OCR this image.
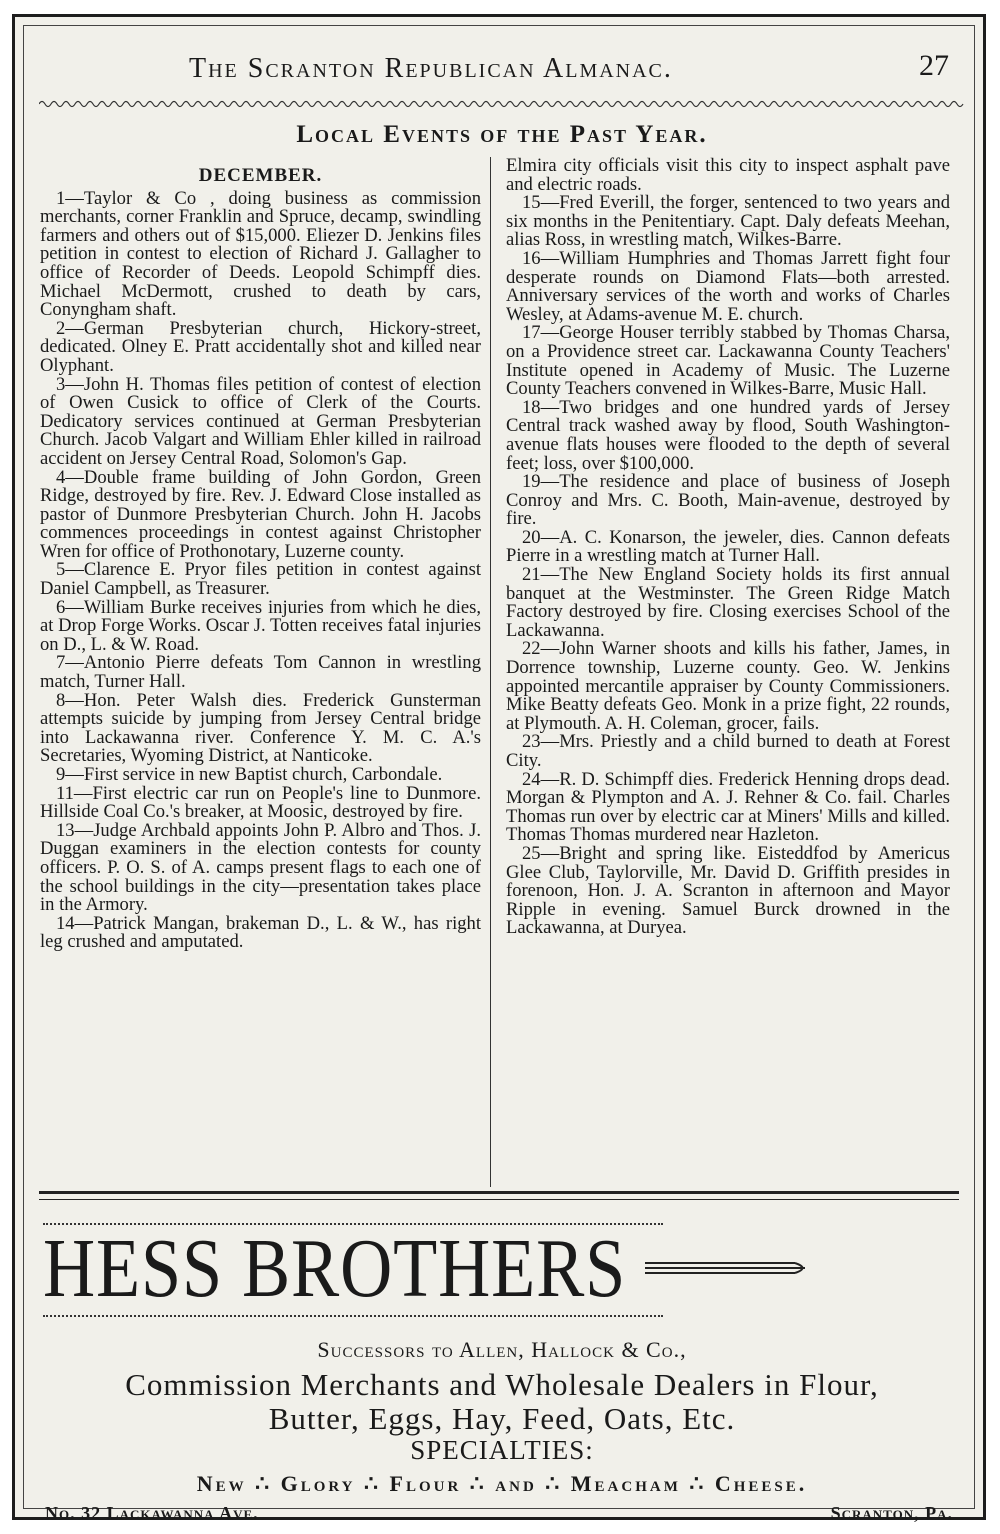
The Scranton Republican Almanac.	27
Local Events of the Past Year.
DECEMBER.

1—Taylor & Co , doing business as commission merchants, corner Franklin and Spruce, decamp, swindling farmers and others out of $15,000. Eliezer D. Jenkins files petition in contest to election of Richard J. Gallagher to office of Recorder of Deeds. Leopold Schimpff dies. Michael McDermott, crushed to death by cars, Conyngham shaft.

2—German Presbyterian church, Hickory-street, dedicated. Olney E. Pratt accidentally shot and killed near Olyphant.

3—John H. Thomas files petition of contest of election of Owen Cusick to office of Clerk of the Courts. Dedicatory services continued at German Presbyterian Church. Jacob Valgart and William Ehler killed in railroad accident on Jersey Central Road, Solomon's Gap.

4—Double frame building of John Gordon, Green Ridge, destroyed by fire. Rev. J. Edward Close installed as pastor of Dunmore Presbyterian Church. John H. Jacobs commences proceedings in contest against Christopher Wren for office of Prothonotary, Luzerne county.

5—Clarence E. Pryor files petition in contest against Daniel Campbell, as Treasurer.

6—William Burke receives injuries from which he dies, at Drop Forge Works. Oscar J. Totten receives fatal injuries on D., L. & W. Road.

7—Antonio Pierre defeats Tom Cannon in wrestling match, Turner Hall.

8—Hon. Peter Walsh dies. Frederick Gunsterman attempts suicide by jumping from Jersey Central bridge into Lackawanna river. Conference Y. M. C. A.'s Secretaries, Wyoming District, at Nanticoke.

9—First service in new Baptist church, Carbondale.

11—First electric car run on People's line to Dunmore. Hillside Coal Co.'s breaker, at Moosic, destroyed by fire.

13—Judge Archbald appoints John P. Albro and Thos. J. Duggan examiners in the election contests for county officers. P. O. S. of A. camps present flags to each one of the school buildings in the city—presentation takes place in the Armory.

14—Patrick Mangan, brakeman D., L. & W., has right leg crushed and amputated.

Elmira city officials visit this city to inspect asphalt pave and electric roads.

15—Fred Everill, the forger, sentenced to two years and six months in the Penitentiary. Capt. Daly defeats Meehan, alias Ross, in wrestling match, Wilkes-Barre.

16—William Humphries and Thomas Jarrett fight four desperate rounds on Diamond Flats—both arrested. Anniversary services of the worth and works of Charles Wesley, at Adams-avenue M. E. church.

17—George Houser terribly stabbed by Thomas Charsa, on a Providence street car. Lackawanna County Teachers' Institute opened in Academy of Music. The Luzerne County Teachers convened in Wilkes-Barre, Music Hall.

18—Two bridges and one hundred yards of Jersey Central track washed away by flood, South Washington-avenue flats houses were flooded to the depth of several feet; loss, over $100,000.

19—The residence and place of business of Joseph Conroy and Mrs. C. Booth, Main-avenue, destroyed by fire.

20—A. C. Konarson, the jeweler, dies. Cannon defeats Pierre in a wrestling match at Turner Hall.

21—The New England Society holds its first annual banquet at the Westminster. The Green Ridge Match Factory destroyed by fire. Closing exercises School of the Lackawanna.

22—John Warner shoots and kills his father, James, in Dorrence township, Luzerne county. Geo. W. Jenkins appointed mercantile appraiser by County Commissioners. Mike Beatty defeats Geo. Monk in a prize fight, 22 rounds, at Plymouth. A. H. Coleman, grocer, fails.

23—Mrs. Priestly and a child burned to death at Forest City.

24—R. D. Schimpff dies. Frederick Henning drops dead. Morgan & Plympton and A. J. Rehner & Co. fail. Charles Thomas run over by electric car at Miners' Mills and killed. Thomas Thomas murdered near Hazleton.

25—Bright and spring like. Eisteddfod by Americus Glee Club, Taylorville, Mr. David D. Griffith presides in forenoon, Hon. J. A. Scranton in afternoon and Mayor Ripple in evening. Samuel Burck drowned in the Lackawanna, at Duryea.

HESS BROTHERS
Successors to Allen, Hallock & Co.,
Commission Merchants and Wholesale Dealers in Flour,
Butter, Eggs, Hay, Feed, Oats, Etc.
SPECIALTIES:
New ∴ Glory ∴ Flour ∴ and ∴ Meacham ∴ Cheese.
No. 32 Lackawanna Ave.	Scranton, Pa.
